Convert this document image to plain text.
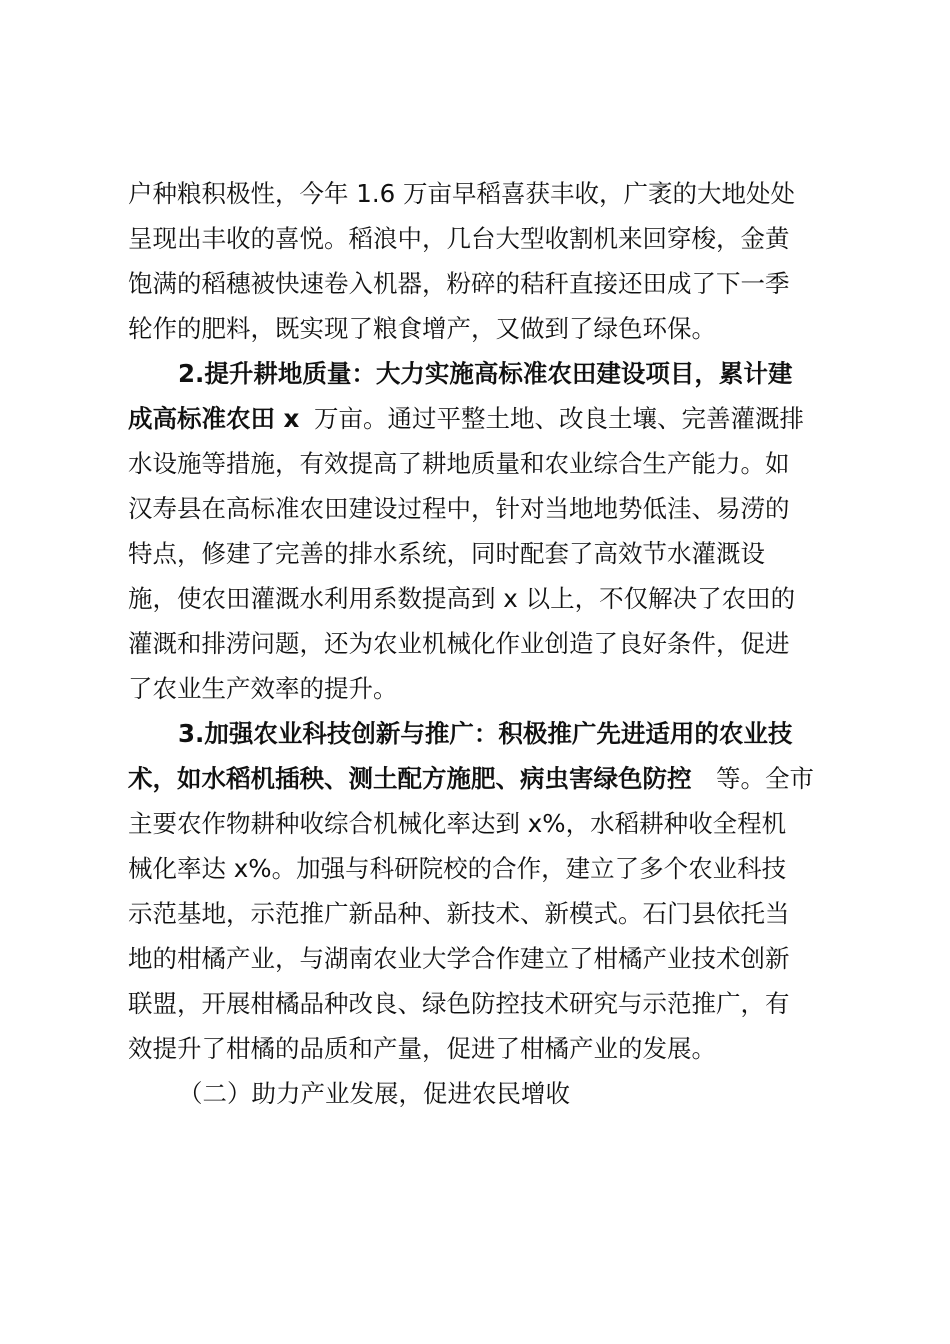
户种粮积极性，今年 1.6 万亩早稻喜获丰收，广袤的大地处处
呈现出丰收的喜悦。稻浪中，几台大型收割机来回穿梭，金黄
饱满的稻穗被快速卷入机器，粉碎的秸秆直接还田成了下一季
轮作的肥料，既实现了粮食增产，又做到了绿色环保。
2.提升耕地质量：大力实施高标准农田建设项目，累计建
成高标准农田 x 万亩。通过平整土地、改良土壤、完善灌溉排
水设施等措施，有效提高了耕地质量和农业综合生产能力。如
汉寿县在高标准农田建设过程中，针对当地地势低洼、易涝的
特点，修建了完善的排水系统，同时配套了高效节水灌溉设
施，使农田灌溉水利用系数提高到 x 以上，不仅解决了农田的
灌溉和排涝问题，还为农业机械化作业创造了良好条件，促进
了农业生产效率的提升。
3.加强农业科技创新与推广：积极推广先进适用的农业技
术，如水稻机插秧、测土配方施肥、病虫害绿色防控 等。全市
主要农作物耕种收综合机械化率达到 x%，水稻耕种收全程机
械化率达 x%。加强与科研院校的合作，建立了多个农业科技
示范基地，示范推广新品种、新技术、新模式。石门县依托当
地的柑橘产业，与湖南农业大学合作建立了柑橘产业技术创新
联盟，开展柑橘品种改良、绿色防控技术研究与示范推广，有
效提升了柑橘的品质和产量，促进了柑橘产业的发展。
（二）助力产业发展，促进农民增收
